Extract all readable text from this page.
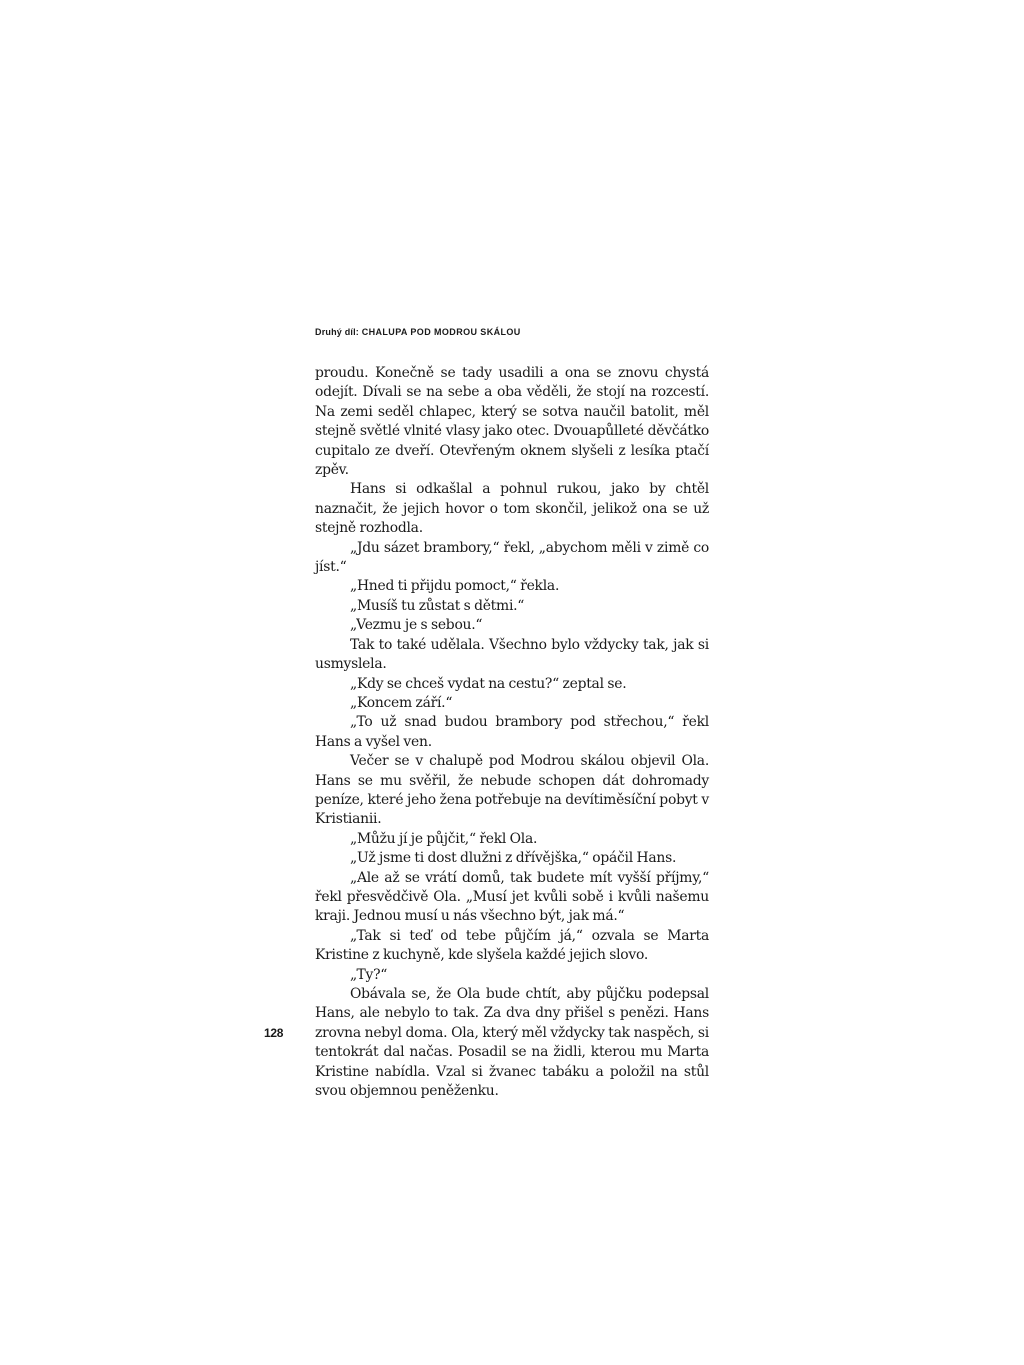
Druhý díl: CHALUPA POD MODROU SKÁLOU

proudu. Konečně se tady usadili a ona se znovu chystá odejít. Dívali se na sebe a oba věděli, že stojí na rozcestí. Na zemi seděl chlapec, který se sotva naučil batolit, měl stejně světlé vlnité vlasy jako otec. Dvouapůlleté děvčátko cupitalo ze dveří. Otevřeným oknem slyšeli z lesíka ptačí zpěv.

Hans si odkašlal a pohnul rukou, jako by chtěl naznačit, že jejich hovor o tom skončil, jelikož ona se už stejně rozhodla.

„Jdu sázet brambory,“ řekl, „abychom měli v zimě co jíst.“

„Hned ti přijdu pomoct,“ řekla.

„Musíš tu zůstat s dětmi.“

„Vezmu je s sebou.“

Tak to také udělala. Všechno bylo vždycky tak, jak si usmyslela.

„Kdy se chceš vydat na cestu?“ zeptal se.

„Koncem září.“

„To už snad budou brambory pod střechou,“ řekl Hans a vyšel ven.

Večer se v chalupě pod Modrou skálou objevil Ola. Hans se mu svěřil, že nebude schopen dát dohromady peníze, které jeho žena potřebuje na devítiměsíční pobyt v Kristianii.

„Můžu jí je půjčit,“ řekl Ola.

„Už jsme ti dost dlužni z dřívějška,“ opáčil Hans.

„Ale až se vrátí domů, tak budete mít vyšší příjmy,“ řekl přesvědčivě Ola. „Musí jet kvůli sobě i kvůli našemu kraji. Jednou musí u nás všechno být, jak má.“

„Tak si teď od tebe půjčím já,“ ozvala se Marta Kristine z kuchyně, kde slyšela každé jejich slovo.

„Ty?“

Obávala se, že Ola bude chtít, aby půjčku podepsal Hans, ale nebylo to tak. Za dva dny přišel s penězi. Hans zrovna nebyl doma. Ola, který měl vždycky tak naspěch, si tentokrát dal načas. Posadil se na židli, kterou mu Marta Kristine nabídla. Vzal si žvanec tabáku a položil na stůl svou objemnou peněženku.

128
